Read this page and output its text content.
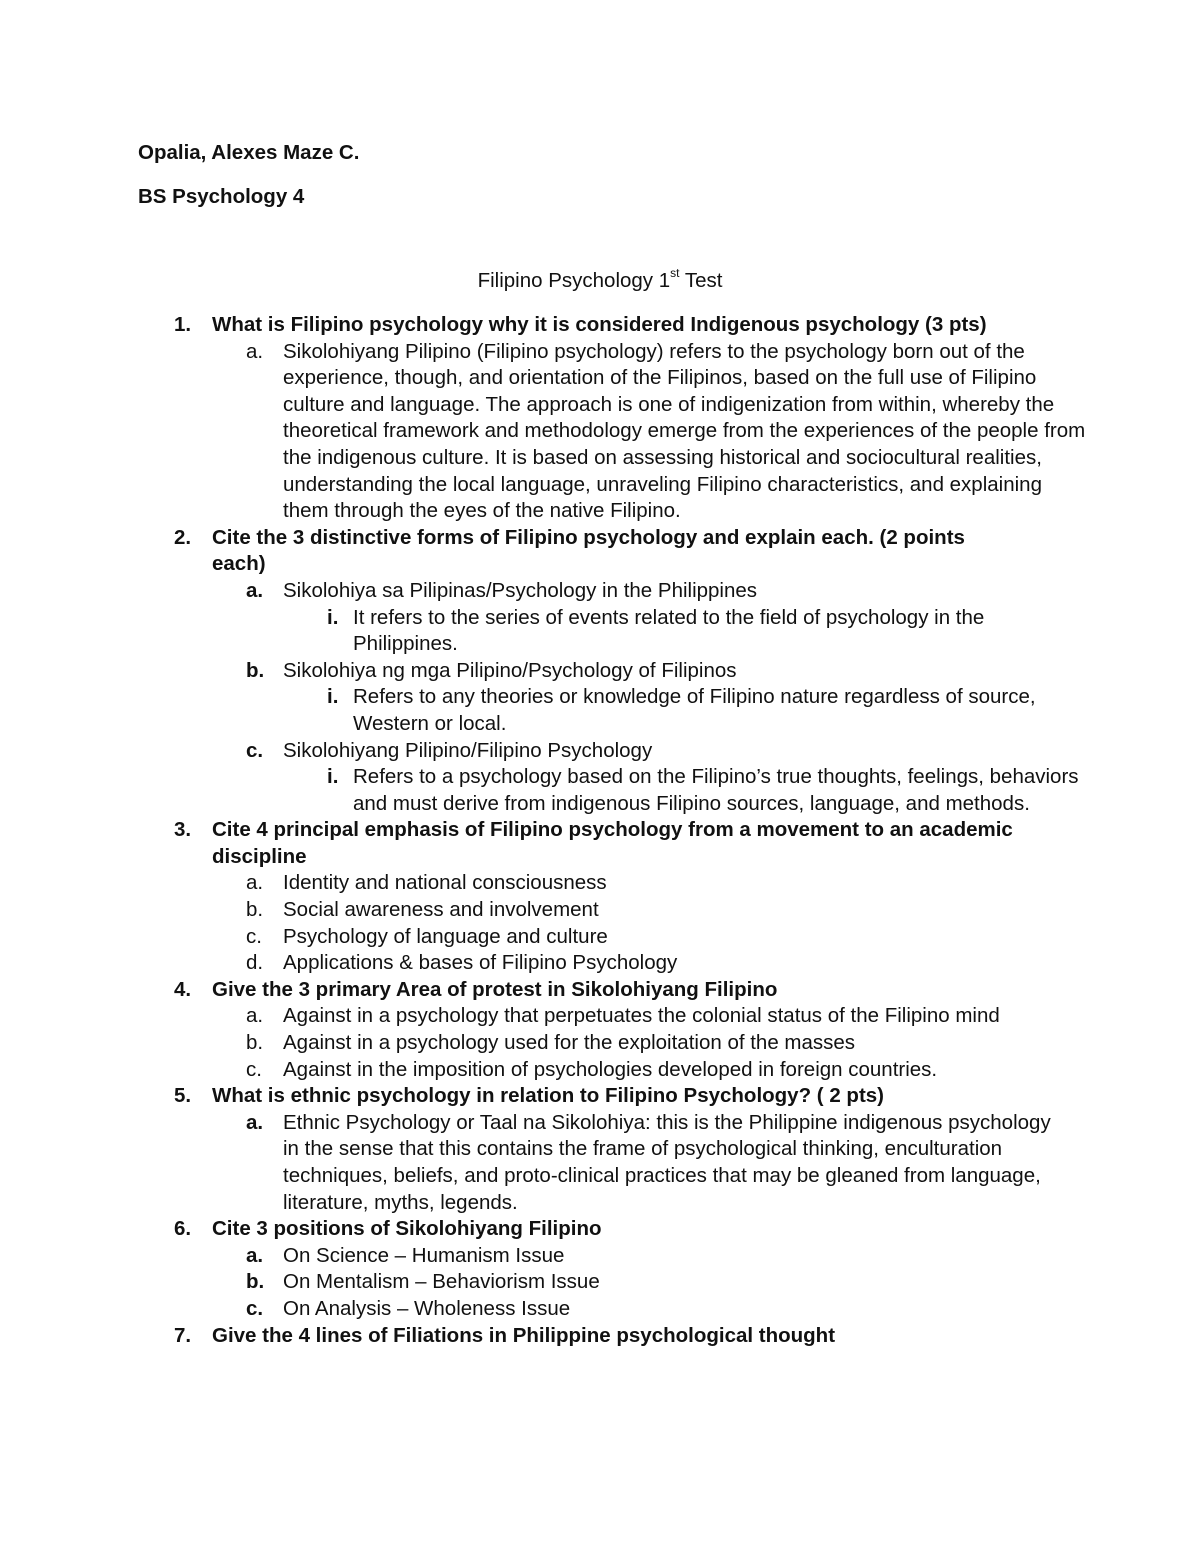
Opalia, Alexes Maze C.
BS Psychology 4
Filipino Psychology 1st Test
1. What is Filipino psychology why it is considered Indigenous psychology (3 pts)
a. Sikolohiyang Pilipino (Filipino psychology) refers to the psychology born out of the experience, though, and orientation of the Filipinos, based on the full use of Filipino culture and language. The approach is one of indigenization from within, whereby the theoretical framework and methodology emerge from the experiences of the people from the indigenous culture. It is based on assessing historical and sociocultural realities, understanding the local language, unraveling Filipino characteristics, and explaining them through the eyes of the native Filipino.
2. Cite the 3 distinctive forms of Filipino psychology and explain each. (2 points each)
a. Sikolohiya sa Pilipinas/Psychology in the Philippines
i. It refers to the series of events related to the field of psychology in the Philippines.
b. Sikolohiya ng mga Pilipino/Psychology of Filipinos
i. Refers to any theories or knowledge of Filipino nature regardless of source, Western or local.
c. Sikolohiyang Pilipino/Filipino Psychology
i. Refers to a psychology based on the Filipino’s true thoughts, feelings, behaviors and must derive from indigenous Filipino sources, language, and methods.
3. Cite 4 principal emphasis of Filipino psychology from a movement to an academic discipline
a. Identity and national consciousness
b. Social awareness and involvement
c. Psychology of language and culture
d. Applications & bases of Filipino Psychology
4. Give the 3 primary Area of protest in Sikolohiyang Filipino
a. Against in a psychology that perpetuates the colonial status of the Filipino mind
b. Against in a psychology used for the exploitation of the masses
c. Against in the imposition of psychologies developed in foreign countries.
5. What is ethnic psychology in relation to Filipino Psychology? ( 2 pts)
a. Ethnic Psychology or Taal na Sikolohiya: this is the Philippine indigenous psychology in the sense that this contains the frame of psychological thinking, enculturation techniques, beliefs, and proto-clinical practices that may be gleaned from language, literature, myths, legends.
6. Cite 3 positions of Sikolohiyang Filipino
a. On Science – Humanism Issue
b. On Mentalism – Behaviorism Issue
c. On Analysis – Wholeness Issue
7. Give the 4 lines of Filiations in Philippine psychological thought
